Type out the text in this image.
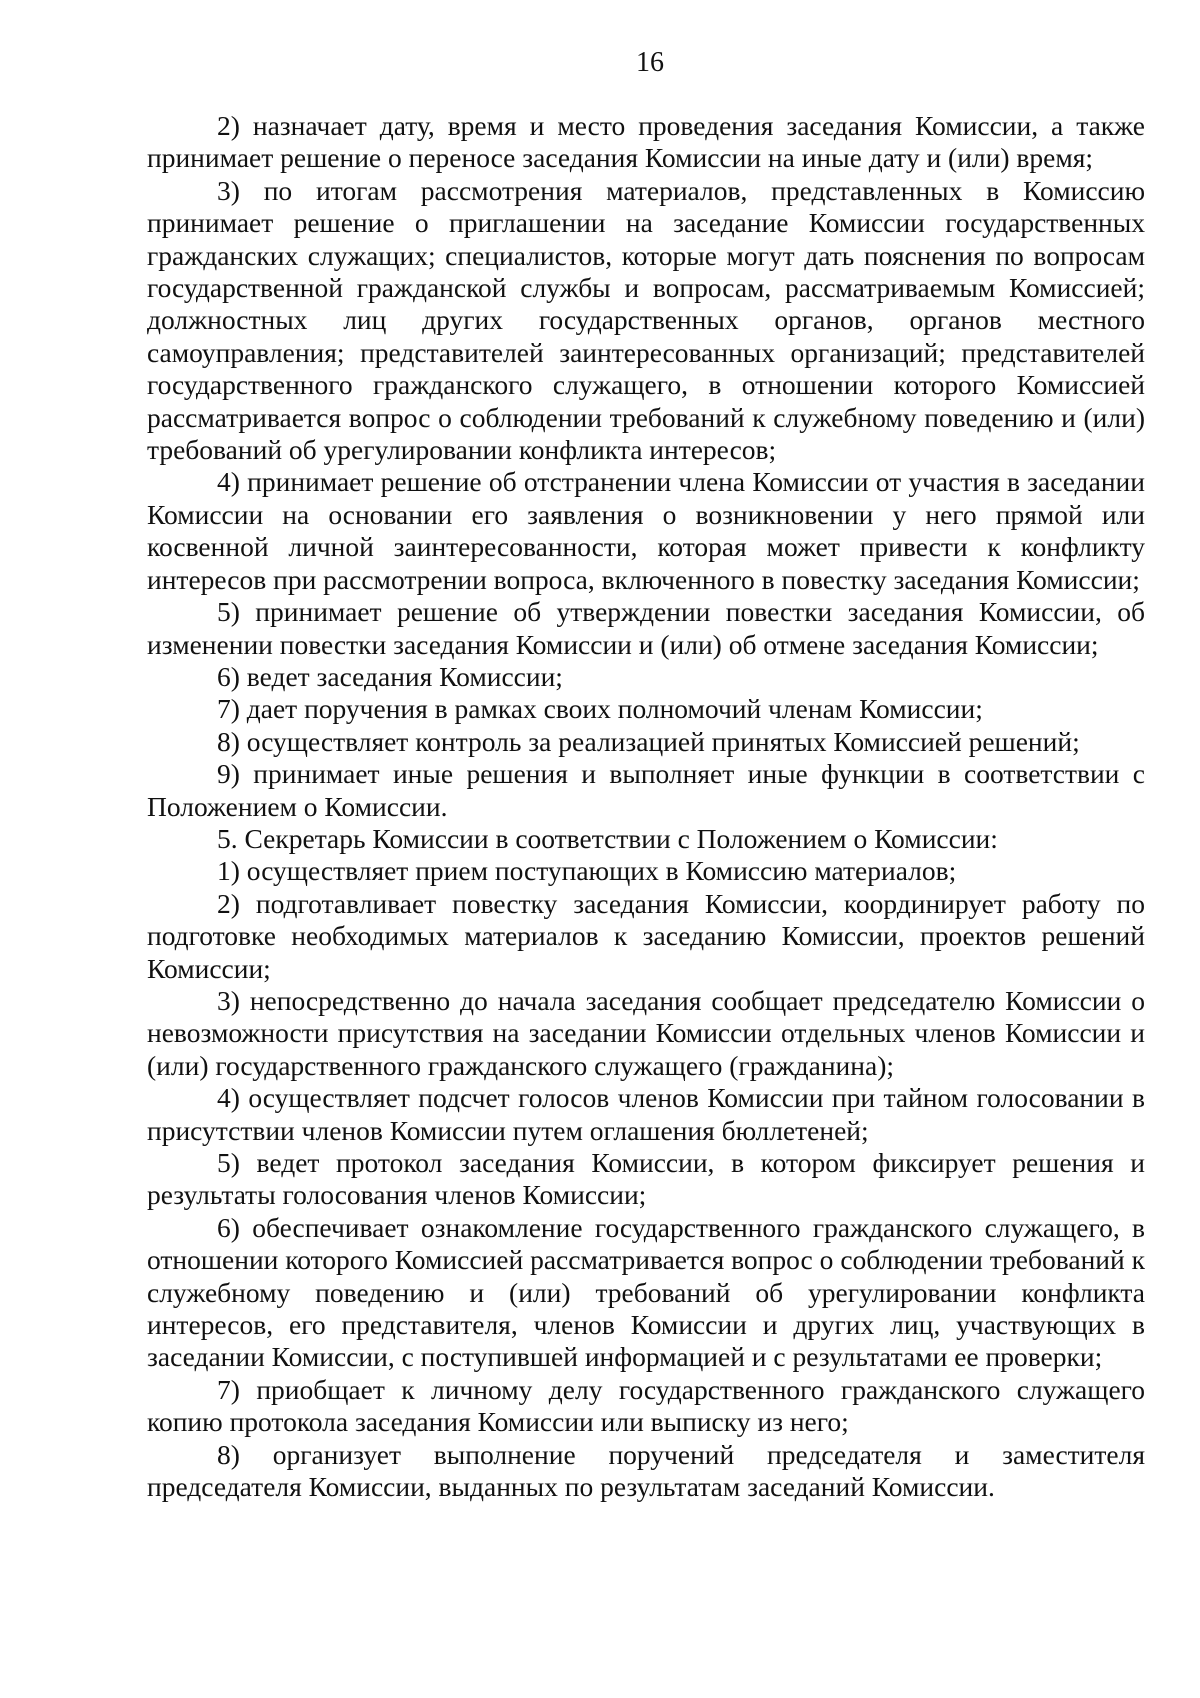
16

2) назначает дату, время и место проведения заседания Комиссии, а также принимает решение о переносе заседания Комиссии на иные дату и (или) время;

3) по итогам рассмотрения материалов, представленных в Комиссию принимает решение о приглашении на заседание Комиссии государственных гражданских служащих; специалистов, которые могут дать пояснения по вопросам государственной гражданской службы и вопросам, рассматриваемым Комиссией; должностных лиц других государственных органов, органов местного самоуправления; представителей заинтересованных организаций; представителей государственного гражданского служащего, в отношении которого Комиссией рассматривается вопрос о соблюдении требований к служебному поведению и (или) требований об урегулировании конфликта интересов;

4) принимает решение об отстранении члена Комиссии от участия в заседании Комиссии на основании его заявления о возникновении у него прямой или косвенной личной заинтересованности, которая может привести к конфликту интересов при рассмотрении вопроса, включенного в повестку заседания Комиссии;

5) принимает решение об утверждении повестки заседания Комиссии, об изменении повестки заседания Комиссии и (или) об отмене заседания Комиссии;

6) ведет заседания Комиссии;

7) дает поручения в рамках своих полномочий членам Комиссии;

8) осуществляет контроль за реализацией принятых Комиссией решений;

9) принимает иные решения и выполняет иные функции в соответствии с Положением о Комиссии.

5. Секретарь Комиссии в соответствии с Положением о Комиссии:

1) осуществляет прием поступающих в Комиссию материалов;

2) подготавливает повестку заседания Комиссии, координирует работу по подготовке необходимых материалов к заседанию Комиссии, проектов решений Комиссии;

3) непосредственно до начала заседания сообщает председателю Комиссии о невозможности присутствия на заседании Комиссии отдельных членов Комиссии и (или) государственного гражданского служащего (гражданина);

4) осуществляет подсчет голосов членов Комиссии при тайном голосовании в присутствии членов Комиссии путем оглашения бюллетеней;

5) ведет протокол заседания Комиссии, в котором фиксирует решения и результаты голосования членов Комиссии;

6) обеспечивает ознакомление государственного гражданского служащего, в отношении которого Комиссией рассматривается вопрос о соблюдении требований к служебному поведению и (или) требований об урегулировании конфликта интересов, его представителя, членов Комиссии и других лиц, участвующих в заседании Комиссии, с поступившей информацией и с результатами ее проверки;

7) приобщает к личному делу государственного гражданского служащего копию протокола заседания Комиссии или выписку из него;

8) организует выполнение поручений председателя и заместителя председателя Комиссии, выданных по результатам заседаний Комиссии.
